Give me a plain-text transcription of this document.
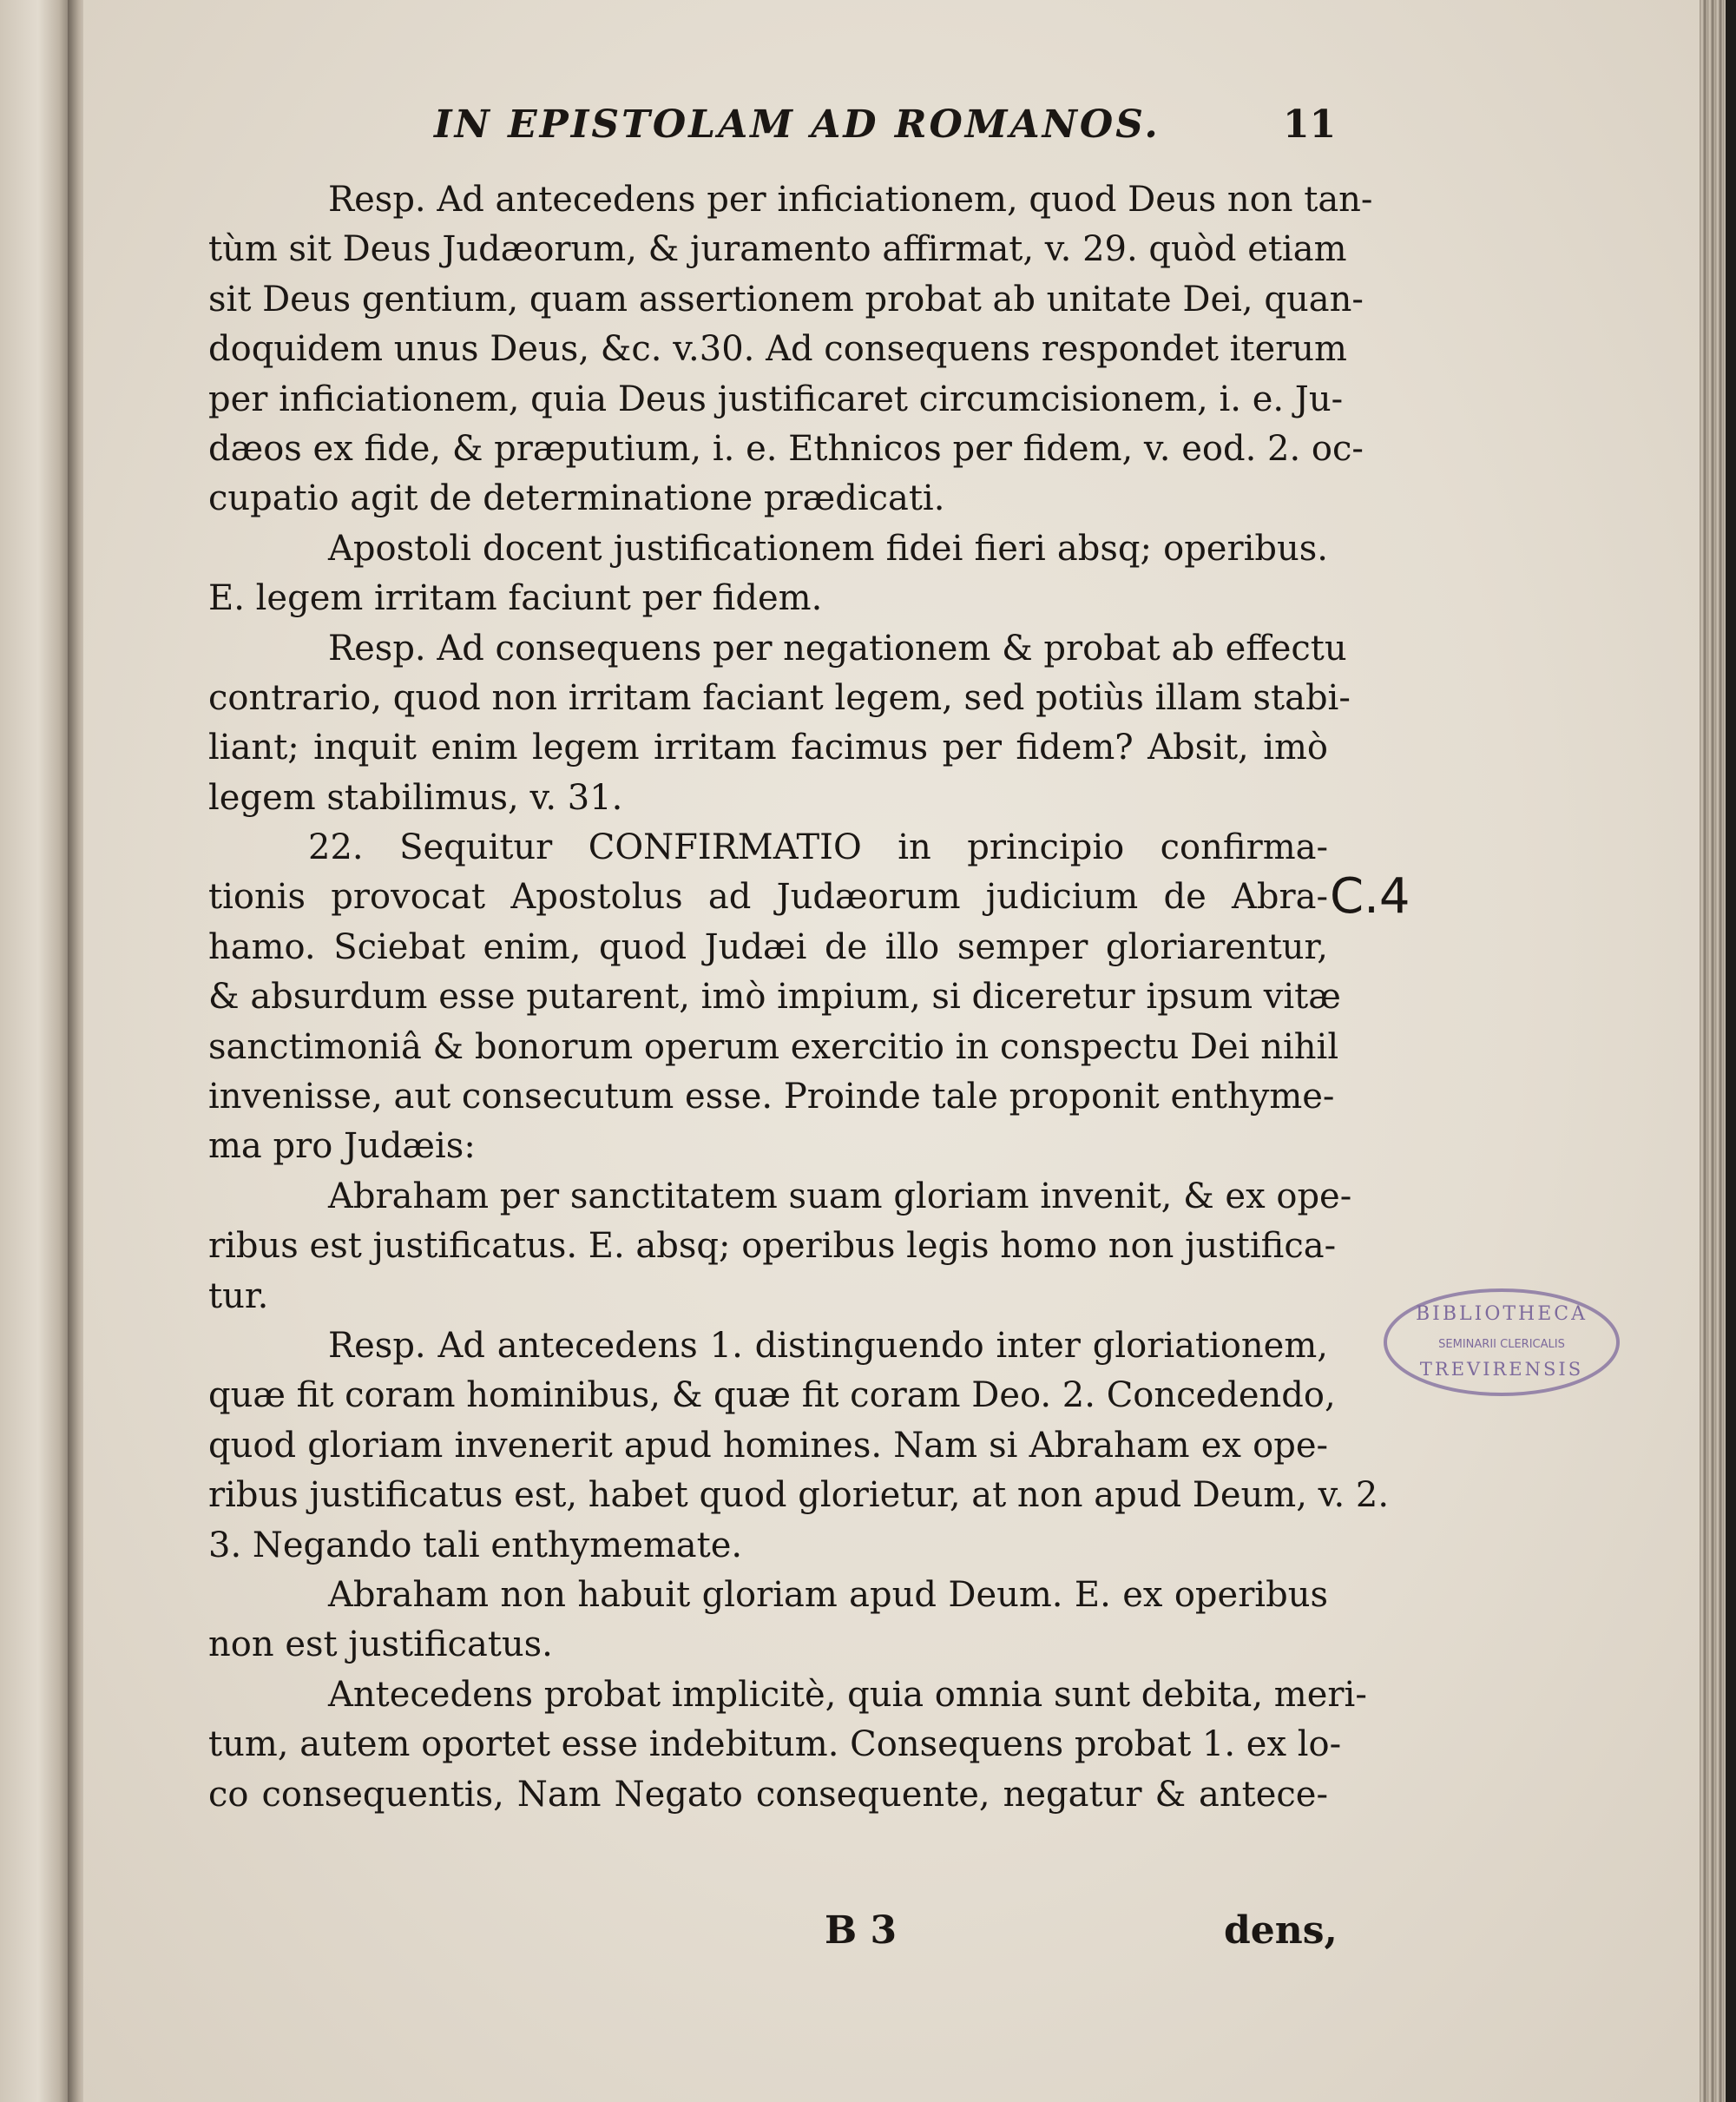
IN EPISTOLAM AD ROMANOS.	11
Resp. Ad antecedens per inficiationem, quod Deus non tan-
tùm sit Deus Judæorum, & juramento affirmat, v. 29. quòd etiam
sit Deus gentium, quam assertionem probat ab unitate Dei, quan-
doquidem unus Deus, &c. v.30. Ad consequens respondet iterum
per inficiationem, quia Deus justificaret circumcisionem, i. e. Ju-
dæos ex fide, & præputium, i. e. Ethnicos per fidem, v. eod. 2. oc-
cupatio agit de determinatione prædicati.
Apostoli docent justificationem fidei fieri absq; operibus.
E. legem irritam faciunt per fidem.
Resp. Ad consequens per negationem & probat ab effectu
contrario, quod non irritam faciant legem, sed potiùs illam stabi-
liant; inquit enim legem irritam facimus per fidem? Absit, imò
legem stabilimus, v. 31.
22. Sequitur CONFIRMATIO in principio confirma-
tionis provocat Apostolus ad Judæorum judicium de Abra-
hamo. Sciebat enim, quod Judæi de illo semper gloriarentur,
& absurdum esse putarent, imò impium, si diceretur ipsum vitæ
sanctimoniâ & bonorum operum exercitio in conspectu Dei nihil
invenisse, aut consecutum esse. Proinde tale proponit enthyme-
ma pro Judæis:
Abraham per sanctitatem suam gloriam invenit, & ex ope-
ribus est justificatus. E. absq; operibus legis homo non justifica-
tur.
Resp. Ad antecedens 1. distinguendo inter gloriationem,
quæ fit coram hominibus, & quæ fit coram Deo. 2. Concedendo,
quod gloriam invenerit apud homines. Nam si Abraham ex ope-
ribus justificatus est, habet quod glorietur, at non apud Deum, v. 2.
3. Negando tali enthymemate.
Abraham non habuit gloriam apud Deum. E. ex operibus
non est justificatus.
Antecedens probat implicitè, quia omnia sunt debita, meri-
tum, autem oportet esse indebitum. Consequens probat 1. ex lo-
co consequentis, Nam Negato consequente, negatur & antece-
C.4
BIBLIOTHECA
SEMINARII CLERICALIS
TREVIRENSIS
B 3	dens,
